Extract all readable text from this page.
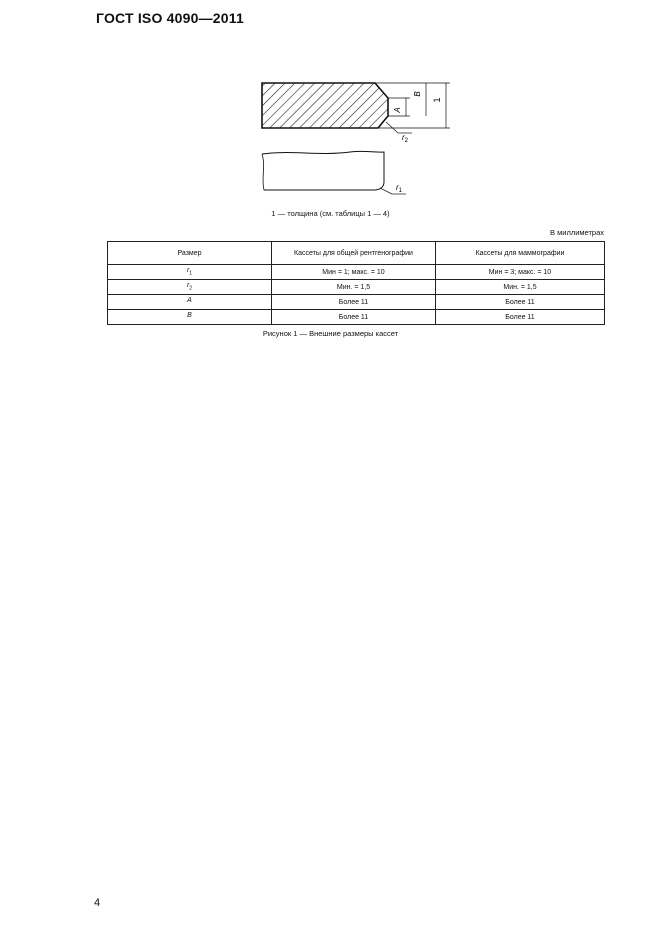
ГОСТ ISO 4090—2011
A
B
1
$r_2$
$r_1$
1 — толщина (см. таблицы 1 — 4)
В миллиметрах
Размер	Кассеты для общей рентгенографии	Кассеты для маммографии
$r_1$	Мин = 1; макс. = 10	Мин = 3; макс. = 10
$r_2$	Мин. = 1,5	Мин. = 1,5
A	Более 11	Более 11
B	Более 11	Более 11
Рисунок 1 — Внешние размеры кассет
4
